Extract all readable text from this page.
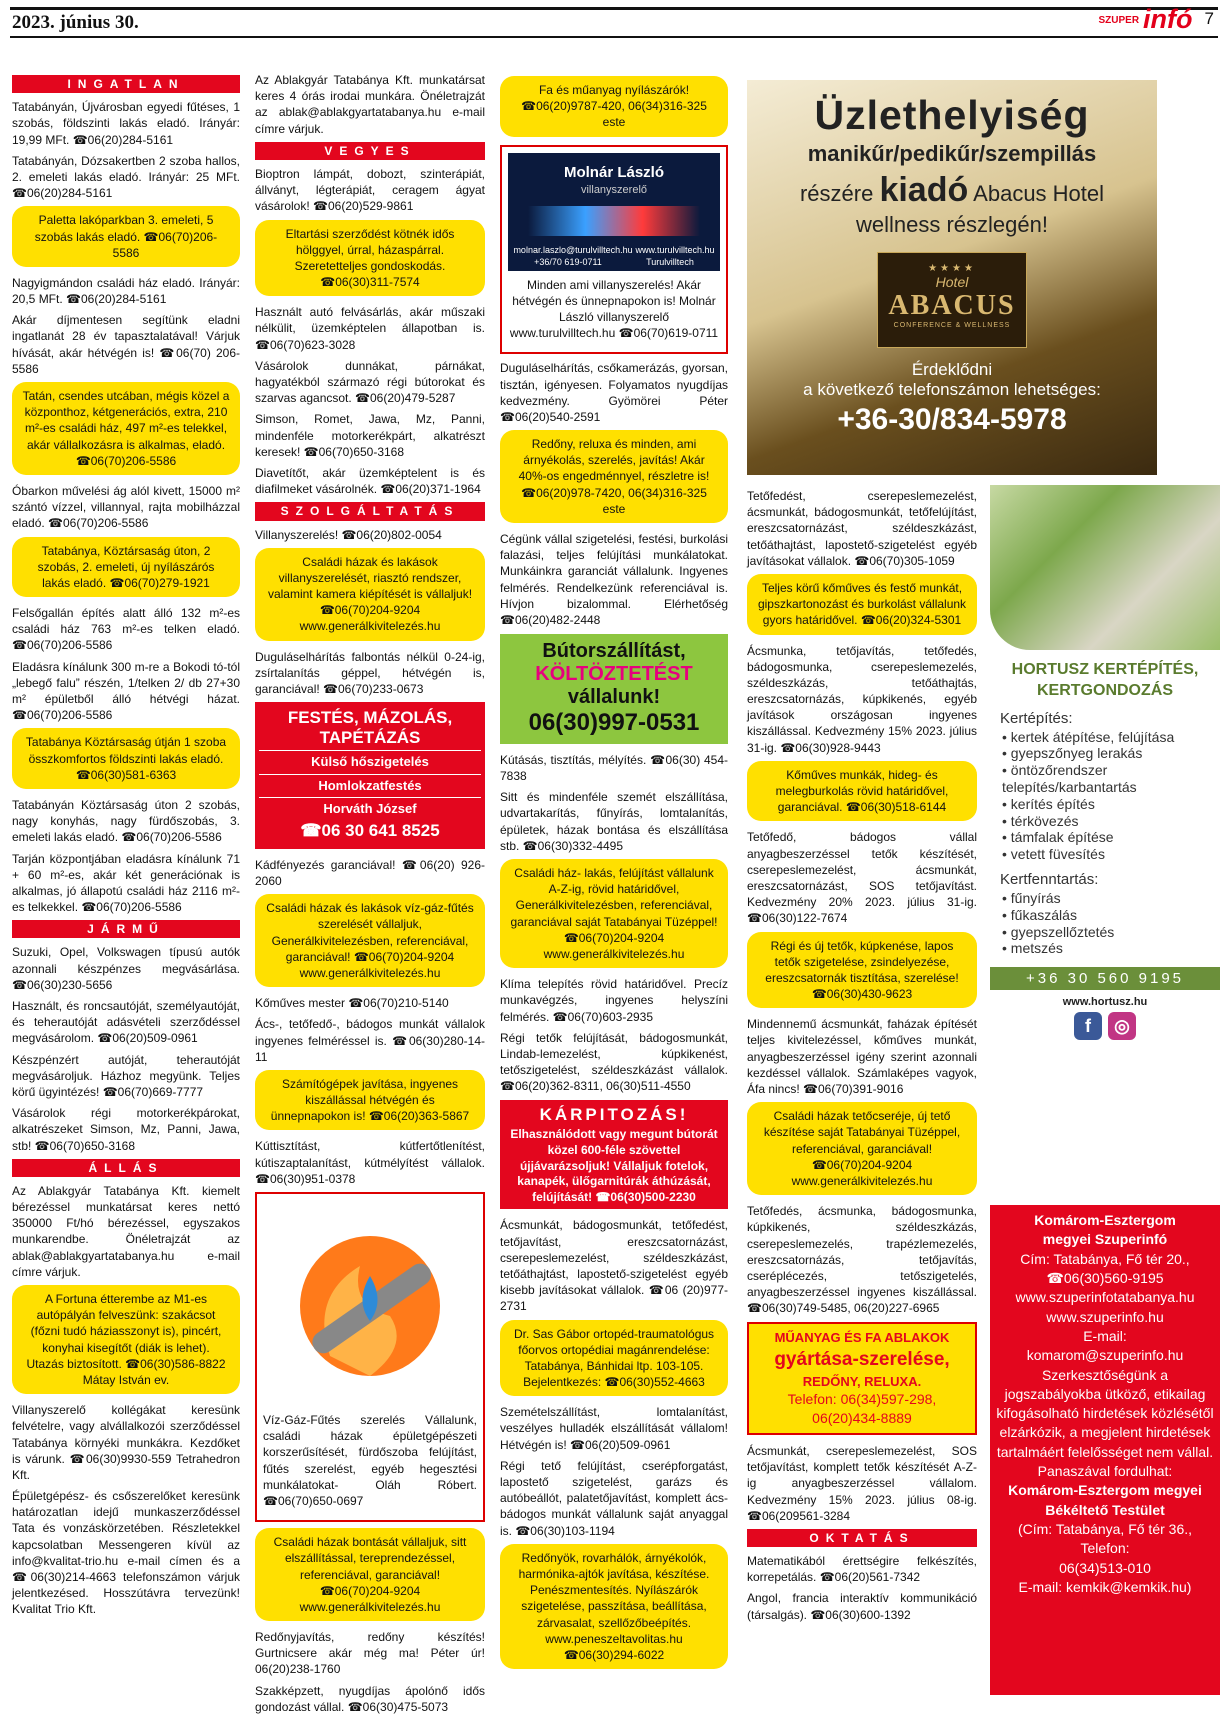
2023. június 30.	SZUPER infó 7
INGATLAN

Tatabányán, Újvárosban egyedi fűtéses, 1 szobás, földszinti lakás eladó. Irányár: 19,99 MFt. ☎06(20)284-5161

Tatabányán, Dózsakertben 2 szoba hallos, 2. emeleti lakás eladó. Irányár: 25 MFt. ☎06(20)284-5161

Paletta lakóparkban 3. emeleti, 5 szobás lakás eladó. ☎06(70)206-5586

Nagyigmándon családi ház eladó. Irányár: 20,5 MFt. ☎06(20)284-5161

Akár díjmentesen segítünk eladni ingatlanát 28 év tapasztalatával! Várjuk hívását, akár hétvégén is! ☎06(70) 206-5586

Tatán, csendes utcában, mégis közel a központhoz, kétgenerációs, extra, 210 m²-es családi ház, 497 m²-es telekkel, akár vállalkozásra is alkalmas, eladó. ☎06(70)206-5586

Óbarkon művelési ág alól kivett, 15000 m² szántó vízzel, villannyal, rajta mobilházzal eladó. ☎06(70)206-5586

Tatabánya, Köztársaság úton, 2 szobás, 2. emeleti, új nyílászárós lakás eladó. ☎06(70)279-1921

Felsőgallán építés alatt álló 132 m²-es családi ház 763 m²-es telken eladó. ☎06(70)206-5586

Eladásra kínálunk 300 m-re a Bokodi tó-tól „lebegő falu” részén, 1/telken 2/ db 27+30 m² épületből álló hétvégi házat. ☎06(70)206-5586

Tatabánya Köztársaság útján 1 szoba összkomfortos földszinti lakás eladó. ☎06(30)581-6363

Tatabányán Köztársaság úton 2 szobás, nagy konyhás, nagy fürdőszobás, 3. emeleti lakás eladó. ☎06(70)206-5586

Tarján központjában eladásra kínálunk 71 + 60 m²-es, akár két generációnak is alkalmas, jó állapotú családi ház 2116 m²-es telkekkel. ☎06(70)206-5586

JÁRMŰ

Suzuki, Opel, Volkswagen típusú autók azonnali készpénzes megvásárlása. ☎06(30)230-5656

Használt, és roncsautóját, személyautóját, és teherautóját adásvételi szerződéssel megvásárolom. ☎06(20)509-0961

Készpénzért autóját, teherautóját megvásároljuk. Házhoz megyünk. Teljes körű ügyintézés! ☎06(70)669-7777

Vásárolok régi motorkerékpárokat, alkatrészeket Simson, Mz, Panni, Jawa, stb! ☎06(70)650-3168

ÁLLÁS

Az Ablakgyár Tatabánya Kft. kiemelt bérezéssel munkatársat keres nettó 350000 Ft/hó bérezéssel, egyszakos munkarendbe. Önéletrajzát az ablak@ablakgyartatabanya.hu e-mail címre várjuk.

A Fortuna étterembe az M1-es autópályán felveszünk: szakácsot (főzni tudó háziasszonyt is), pincért, konyhai kisegítőt (diák is lehet). Utazás biztosított. ☎06(30)586-8822 Mátay István ev.

Villanyszerelő kollégákat keresünk felvételre, vagy alvállalkozói szerződéssel Tatabánya környéki munkákra. Kezdőket is várunk. ☎06(30)9930-559 Tetrahedron Kft.

Épületgépész- és csőszerelőket keresünk határozatlan idejű munkaszerződéssel Tata és vonzáskörzetében. Részletekkel kapcsolatban Messengeren kívül az info@kvalitat-trio.hu e-mail címen és a ☎06(30)214-4663 telefonszámon várjuk jelentkezésed. Hosszútávra tervezünk! Kvalitat Trio Kft.

Az Ablakgyár Tatabánya Kft. munkatársat keres 4 órás irodai munkára. Önéletrajzát az ablak@ablakgyartatabanya.hu e-mail címre várjuk.

VEGYES

Bioptron lámpát, dobozt, szinterápiát, állványt, légterápiát, ceragem ágyat vásárolok! ☎06(20)529-9861

Eltartási szerződést kötnék idős hölggyel, úrral, házaspárral. Szeretetteljes gondoskodás. ☎06(30)311-7574

Használt autó felvásárlás, akár műszaki nélkülit, üzemképtelen állapotban is. ☎06(70)623-3028

Vásárolok dunnákat, párnákat, hagyatékból származó régi bútorokat és szarvas agancsot. ☎06(20)479-5287

Simson, Romet, Jawa, Mz, Panni, mindenféle motorkerékpárt, alkatrészt keresek! ☎06(70)650-3168

Diavetítőt, akár üzemképtelent is és diafilmeket vásárolnék. ☎06(20)371-1964

SZOLGÁLTATÁS

Villanyszerelés! ☎06(20)802-0054

Családi házak és lakások villanyszerelését, riasztó rendszer, valamint kamera kiépítését is vállaljuk! ☎06(70)204-9204 www.generálkivitelezés.hu

Duguláselhárítás falbontás nélkül 0-24-ig, zsírtalanítás géppel, hétvégén is, garanciával! ☎06(70)233-0673

FESTÉS, MÁZOLÁS, TAPÉTÁZÁS
Külső hőszigetelés
Homlokzatfestés
Horváth József
☎06 30 641 8525

Kádfényezés garanciával! ☎06(20) 926-2060

Családi házak és lakások víz-gáz-fűtés szerelését vállaljuk, Generálkivitelezésben, referenciával, garanciával! ☎06(70)204-9204 www.generálkivitelezés.hu

Kőműves mester ☎06(70)210-5140

Ács-, tetőfedő-, bádogos munkát vállalok ingyenes felméréssel is. ☎06(30)280-14-11

Számítógépek javítása, ingyenes kiszállással hétvégén és ünnepnapokon is! ☎06(20)363-5867

Kúttisztítást, kútfertőtlenítést, kútiszaptalanítást, kútmélyítést vállalok. ☎06(30)951-0378

Víz-Gáz-Fűtés szerelés Vállalunk, családi házak épületgépészeti korszerűsítését, fürdőszoba felújítást, fűtés szerelést, egyéb hegesztési munkálatokat- Oláh Róbert. ☎06(70)650-0697

Családi házak bontását vállaljuk, sitt elszállítással, tereprendezéssel, referenciával, garanciával! ☎06(70)204-9204 www.generálkivitelezés.hu

Redőnyjavítás, redőny készítés! Gurtnicsere akár még ma! Péter úr! 06(20)238-1760

Szakképzett, nyugdíjas ápolónő idős gondozást vállal. ☎06(30)475-5073

Fa és műanyag nyílászárók! ☎06(20)9787-420, 06(34)316-325 este
Molnár László
villanyszerelő
molnar.laszlo@turulvilltech.hu www.turulvilltech.hu
+36/70 619-0711	Turulvilltech

Minden ami villanyszerelés! Akár hétvégén és ünnepnapokon is! Molnár László villanyszerelő www.turulvilltech.hu ☎06(70)619-0711

Duguláselhárítás, csőkamerázás, gyorsan, tisztán, igényesen. Folyamatos nyugdíjas kedvezmény. Gyömörei Péter ☎06(20)540-2591

Redőny, reluxa és minden, ami árnyékolás, szerelés, javítás! Akár 40%-os engedménnyel, részletre is! ☎06(20)978-7420, 06(34)316-325 este

Cégünk vállal szigetelési, festési, burkolási falazási, teljes felújítási munkálatokat. Munkáinkra garanciát vállalunk. Ingyenes felmérés. Rendelkezünk referenciával is. Hívjon bizalommal. Elérhetőség ☎06(20)482-2448

Bútorszállítást,
KÖLTÖZTETÉST
vállalunk!
06(30)997-0531

Kútásás, tisztítás, mélyítés. ☎06(30) 454-7838

Sitt és mindenféle szemét elszállítása, udvartakarítás, fűnyírás, lomtalanítás, épületek, házak bontása és elszállítása stb. ☎06(30)332-4495

Családi ház- lakás, felújítást vállalunk A-Z-ig, rövid határidővel, Generálkivitelezésben, referenciával, garanciával saját Tatabányai Tüzéppel! ☎06(70)204-9204 www.generálkivitelezés.hu

Klíma telepítés rövid határidővel. Precíz munkavégzés, ingyenes helyszíni felmérés. ☎06(70)603-2935

Régi tetők felújítását, bádogosmunkát, Lindab-lemezelést, kúpkikenést, tetőszigetelést, széldeszkázást vállalok. ☎06(20)362-8311, 06(30)511-4550

KÁRPITOZÁS!
Elhasználódott vagy megunt bútorát közel 600-féle szövettel újjávarázsoljuk! Vállaljuk fotelok, kanapék, ülőgarnitúrák áthúzását, felújítását! ☎06(30)500-2230

Ácsmunkát, bádogosmunkát, tetőfedést, tetőjavítást, ereszcsatornázást, cserepeslemezelést, széldeszkázást, tetőáthajtást, lapostető-szigetelést egyéb kisebb javításokat vállalok. ☎06 (20)977-2731

Dr. Sas Gábor ortopéd-traumatológus főorvos ortopédiai magánrendelése: Tatabánya, Bánhidai ltp. 103-105. Bejelentkezés: ☎06(30)552-4663

Szemételszállítást, lomtalanítást, veszélyes hulladék elszállítását vállalom! Hétvégén is! ☎06(20)509-0961

Régi tető felújítást, cserépforgatást, lapostető szigetelést, garázs és autóbeállót, palatetőjavítást, komplett ács- bádogos munkát vállalunk saját anyaggal is. ☎06(30)103-1194

Redőnyök, rovarhálók, árnyékolók, harmónika-ajtók javítása, készítése. Penészmentesítés. Nyílászárók szigetelése, passzítása, beállítása, zárvasalat, szellőzőbeépítés. www.peneszeltavolitas.hu ☎06(30)294-6022
Üzlethelyiség
manikűr/pedikűr/szempillás
részére kiadó Abacus Hotel
wellness részlegén!
★★★★
Hotel
ABACUS
CONFERENCE & WELLNESS
Érdeklődni
a következő telefonszámon lehetséges:
+36-30/834-5978

Tetőfedést, cserepeslemezelést, ácsmunkát, bádogosmunkát, tetőfelújítást, ereszcsatornázást, széldeszkázást, tetőáthajtást, lapostető-szigetelést egyéb javításokat vállalok. ☎06(70)305-1059

Teljes körű kőműves és festő munkát, gipszkartonozást és burkolást vállalunk gyors határidővel. ☎06(20)324-5301

Ácsmunka, tetőjavítás, tetőfedés, bádogosmunka, cserepeslemezelés, széldeszkázás, tetőáthajtás, ereszcsatornázás, kúpkikenés, egyéb javítások országosan ingyenes kiszállással. Kedvezmény 15% 2023. július 31-ig. ☎06(30)928-9443

Kőműves munkák, hideg- és melegburkolás rövid határidővel, garanciával. ☎06(30)518-6144

Tetőfedő, bádogos vállal anyagbeszerzéssel tetők készítését, cserepeslemezelést, ácsmunkát, ereszcsatornázást, SOS tetőjavítást. Kedvezmény 20% 2023. július 31-ig. ☎06(30)122-7674

Régi és új tetők, kúpkenése, lapos tetők szigetelése, zsindelyezése, ereszcsatornák tisztítása, szerelése! ☎06(30)430-9623

Mindennemű ácsmunkát, faházak építését teljes kivitelezéssel, kőműves munkát, anyagbeszerzéssel igény szerint azonnali kezdéssel vállalok. Számlaképes vagyok, Áfa nincs! ☎06(70)391-9016

Családi házak tetőcseréje, új tető készítése saját Tatabányai Tüzéppel, referenciával, garanciával! ☎06(70)204-9204 www.generálkivitelezés.hu

Tetőfedés, ácsmunka, bádogosmunka, kúpkikenés, széldeszkázás, cserepeslemezelés, trapézlemezelés, ereszcsatornázás, tetőjavítás, cseréplécezés, tetőszigetelés, anyagbeszerzéssel ingyenes kiszállással. ☎06(30)749-5485, 06(20)227-6965

MŰANYAG ÉS FA ABLAKOK
gyártása-szerelése,
REDŐNY, RELUXA.
Telefon: 06(34)597-298, 06(20)434-8889

Ácsmunkát, cserepeslemezelést, SOS tetőjavítást, komplett tetők készítését A-Z-ig anyagbeszerzéssel vállalom. Kedvezmény 15% 2023. július 08-ig. ☎06(209561-3284

OKTATÁS

Matematikából érettségire felkészítés, korrepetálás. ☎06(20)561-7342

Angol, francia interaktív kommunikáció (társalgás). ☎06(30)600-1392

HORTUSZ KERTÉPÍTÉS,
KERTGONDOZÁS
Kertépítés:
• kertek átépítése, felújítása
• gyepszőnyeg lerakás
• öntözőrendszer telepítés/karbantartás
• kerítés építés
• térkövezés
• támfalak építése
• vetett füvesítés
Kertfenntartás:
• fűnyírás
• fűkaszálás
• gyepszellőztetés
• metszés
+36 30 560 9195
www.hortusz.hu
f	◎
Komárom-Esztergom
megyei Szuperinfó
Cím: Tatabánya, Fő tér 20.,
☎06(30)560-9195
www.szuperinfotatabanya.hu
www.szuperinfo.hu
E-mail:
komarom@szuperinfo.hu
Szerkesztőségünk a jogszabályokba ütköző, etikailag kifogásolható hirdetések közlésétől elzárkózik, a megjelent hirdetések tartalmáért felelősséget nem vállal.
Panaszával fordulhat:
Komárom-Esztergom megyei Békéltető Testület
(Cím: Tatabánya, Fő tér 36.,
Telefon:
06(34)513-010
E-mail: kemkik@kemkik.hu)
